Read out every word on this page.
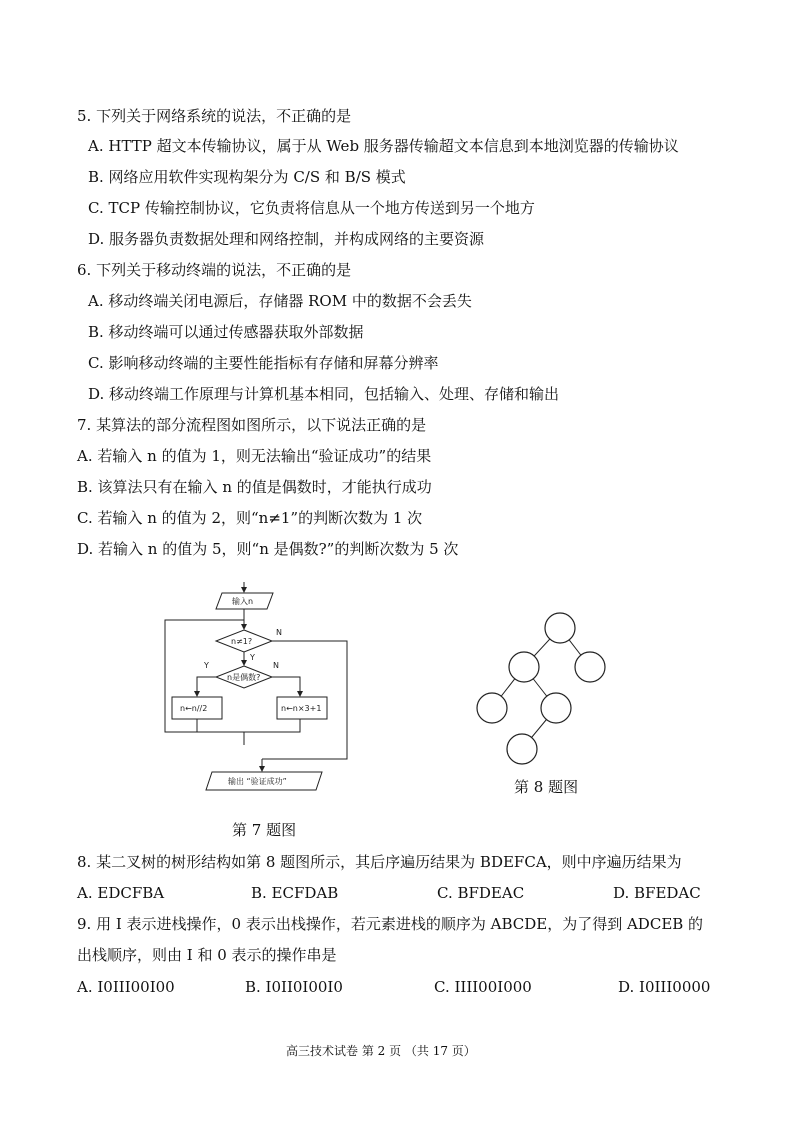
5. 下列关于网络系统的说法，不正确的是
A. HTTP 超文本传输协议，属于从 Web 服务器传输超文本信息到本地浏览器的传输协议
B. 网络应用软件实现构架分为 C/S 和 B/S 模式
C. TCP 传输控制协议，它负责将信息从一个地方传送到另一个地方
D. 服务器负责数据处理和网络控制，并构成网络的主要资源
6. 下列关于移动终端的说法，不正确的是
A. 移动终端关闭电源后，存储器 ROM 中的数据不会丢失
B. 移动终端可以通过传感器获取外部数据
C. 影响移动终端的主要性能指标有存储和屏幕分辨率
D. 移动终端工作原理与计算机基本相同，包括输入、处理、存储和输出
7. 某算法的部分流程图如图所示，以下说法正确的是
A. 若输入 n 的值为 1，则无法输出“验证成功”的结果
B. 该算法只有在输入 n 的值是偶数时，才能执行成功
C. 若输入 n 的值为 2，则“n≠1”的判断次数为 1 次
D. 若输入 n 的值为 5，则“n 是偶数?”的判断次数为 5 次
输入n
n≠1?
N
Y
n是偶数?
Y	N
n←n//2	n←n×3+1
输出 “验证成功”
第 7 题图
第 8 题图
8. 某二叉树的树形结构如第 8 题图所示，其后序遍历结果为 BDEFCA，则中序遍历结果为
A. EDCFBA	B. ECFDAB	C. BFDEAC	D. BFEDAC
9. 用 I 表示进栈操作，0 表示出栈操作，若元素进栈的顺序为 ABCDE，为了得到 ADCEB 的
出栈顺序，则由 I 和 0 表示的操作串是
A. I0III00I00	B. I0II0I00I0	C. IIII00I000	D. I0III0000
高三技术试卷 第 2 页 （共 17 页）
